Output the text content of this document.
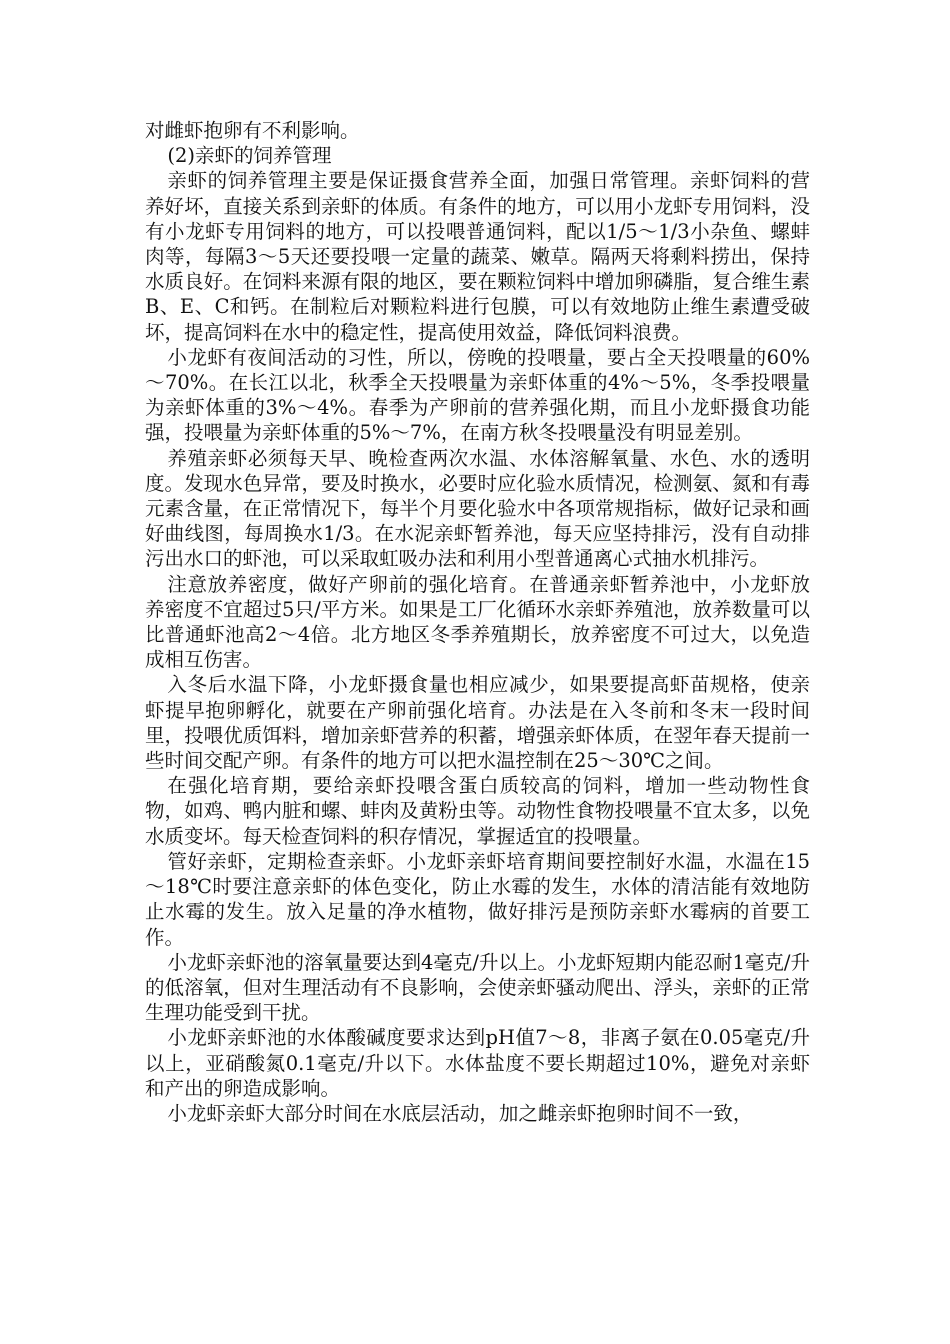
对雌虾抱卵有不利影响。

(2)亲虾的饲养管理

亲虾的饲养管理主要是保证摄食营养全面，加强日常管理。亲虾饲料的营养好坏，直接关系到亲虾的体质。有条件的地方，可以用小龙虾专用饲料，没有小龙虾专用饲料的地方，可以投喂普通饲料，配以1/5～1/3小杂鱼、螺蚌肉等，每隔3～5天还要投喂一定量的蔬菜、嫩草。隔两天将剩料捞出，保持水质良好。在饲料来源有限的地区，要在颗粒饲料中增加卵磷脂，复合维生素B、E、C和钙。在制粒后对颗粒料进行包膜，可以有效地防止维生素遭受破坏，提高饲料在水中的稳定性，提高使用效益，降低饲料浪费。

小龙虾有夜间活动的习性，所以，傍晚的投喂量，要占全天投喂量的60%～70%。在长江以北，秋季全天投喂量为亲虾体重的4%～5%，冬季投喂量为亲虾体重的3%～4%。春季为产卵前的营养强化期，而且小龙虾摄食功能强，投喂量为亲虾体重的5%～7%，在南方秋冬投喂量没有明显差别。

养殖亲虾必须每天早、晚检查两次水温、水体溶解氧量、水色、水的透明度。发现水色异常，要及时换水，必要时应化验水质情况，检测氨、氮和有毒元素含量，在正常情况下，每半个月要化验水中各项常规指标，做好记录和画好曲线图，每周换水1/3。在水泥亲虾暂养池，每天应坚持排污，没有自动排污出水口的虾池，可以采取虹吸办法和利用小型普通离心式抽水机排污。

注意放养密度，做好产卵前的强化培育。在普通亲虾暂养池中，小龙虾放养密度不宜超过5只/平方米。如果是工厂化循环水亲虾养殖池，放养数量可以比普通虾池高2～4倍。北方地区冬季养殖期长，放养密度不可过大，以免造成相互伤害。

入冬后水温下降，小龙虾摄食量也相应减少，如果要提高虾苗规格，使亲虾提早抱卵孵化，就要在产卵前强化培育。办法是在入冬前和冬末一段时间里，投喂优质饵料，增加亲虾营养的积蓄，增强亲虾体质，在翌年春天提前一些时间交配产卵。有条件的地方可以把水温控制在25～30℃之间。

在强化培育期，要给亲虾投喂含蛋白质较高的饲料，增加一些动物性食物，如鸡、鸭内脏和螺、蚌肉及黄粉虫等。动物性食物投喂量不宜太多，以免水质变坏。每天检查饲料的积存情况，掌握适宜的投喂量。

管好亲虾，定期检查亲虾。小龙虾亲虾培育期间要控制好水温，水温在15～18℃时要注意亲虾的体色变化，防止水霉的发生，水体的清洁能有效地防止水霉的发生。放入足量的净水植物，做好排污是预防亲虾水霉病的首要工作。

小龙虾亲虾池的溶氧量要达到4毫克/升以上。小龙虾短期内能忍耐1毫克/升的低溶氧，但对生理活动有不良影响，会使亲虾骚动爬出、浮头，亲虾的正常生理功能受到干扰。

小龙虾亲虾池的水体酸碱度要求达到pH值7～8，非离子氨在0.05毫克/升以上，亚硝酸氮0.1毫克/升以下。水体盐度不要长期超过10%，避免对亲虾和产出的卵造成影响。

小龙虾亲虾大部分时间在水底层活动，加之雌亲虾抱卵时间不一致，
